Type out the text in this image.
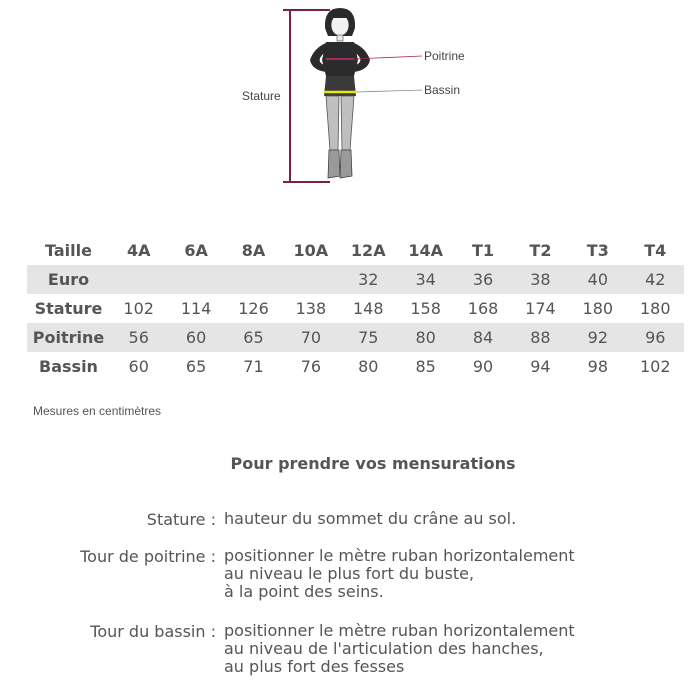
Stature
Poitrine
Bassin
Taille	4A	6A	8A	10A	12A	14A	T1	T2	T3	T4
Euro					32	34	36	38	40	42
Stature	102	114	126	138	148	158	168	174	180	180
Poitrine	56	60	65	70	75	80	84	88	92	96
Bassin	60	65	71	76	80	85	90	94	98	102
Mesures en centimètres
Pour prendre vos mensurations
Stature : hauteur du sommet du crâne au sol.
Tour de poitrine : positionner le mètre ruban horizontalement
au niveau le plus fort du buste,
à la point des seins.
Tour du bassin : positionner le mètre ruban horizontalement
au niveau de l'articulation des hanches,
au plus fort des fesses
